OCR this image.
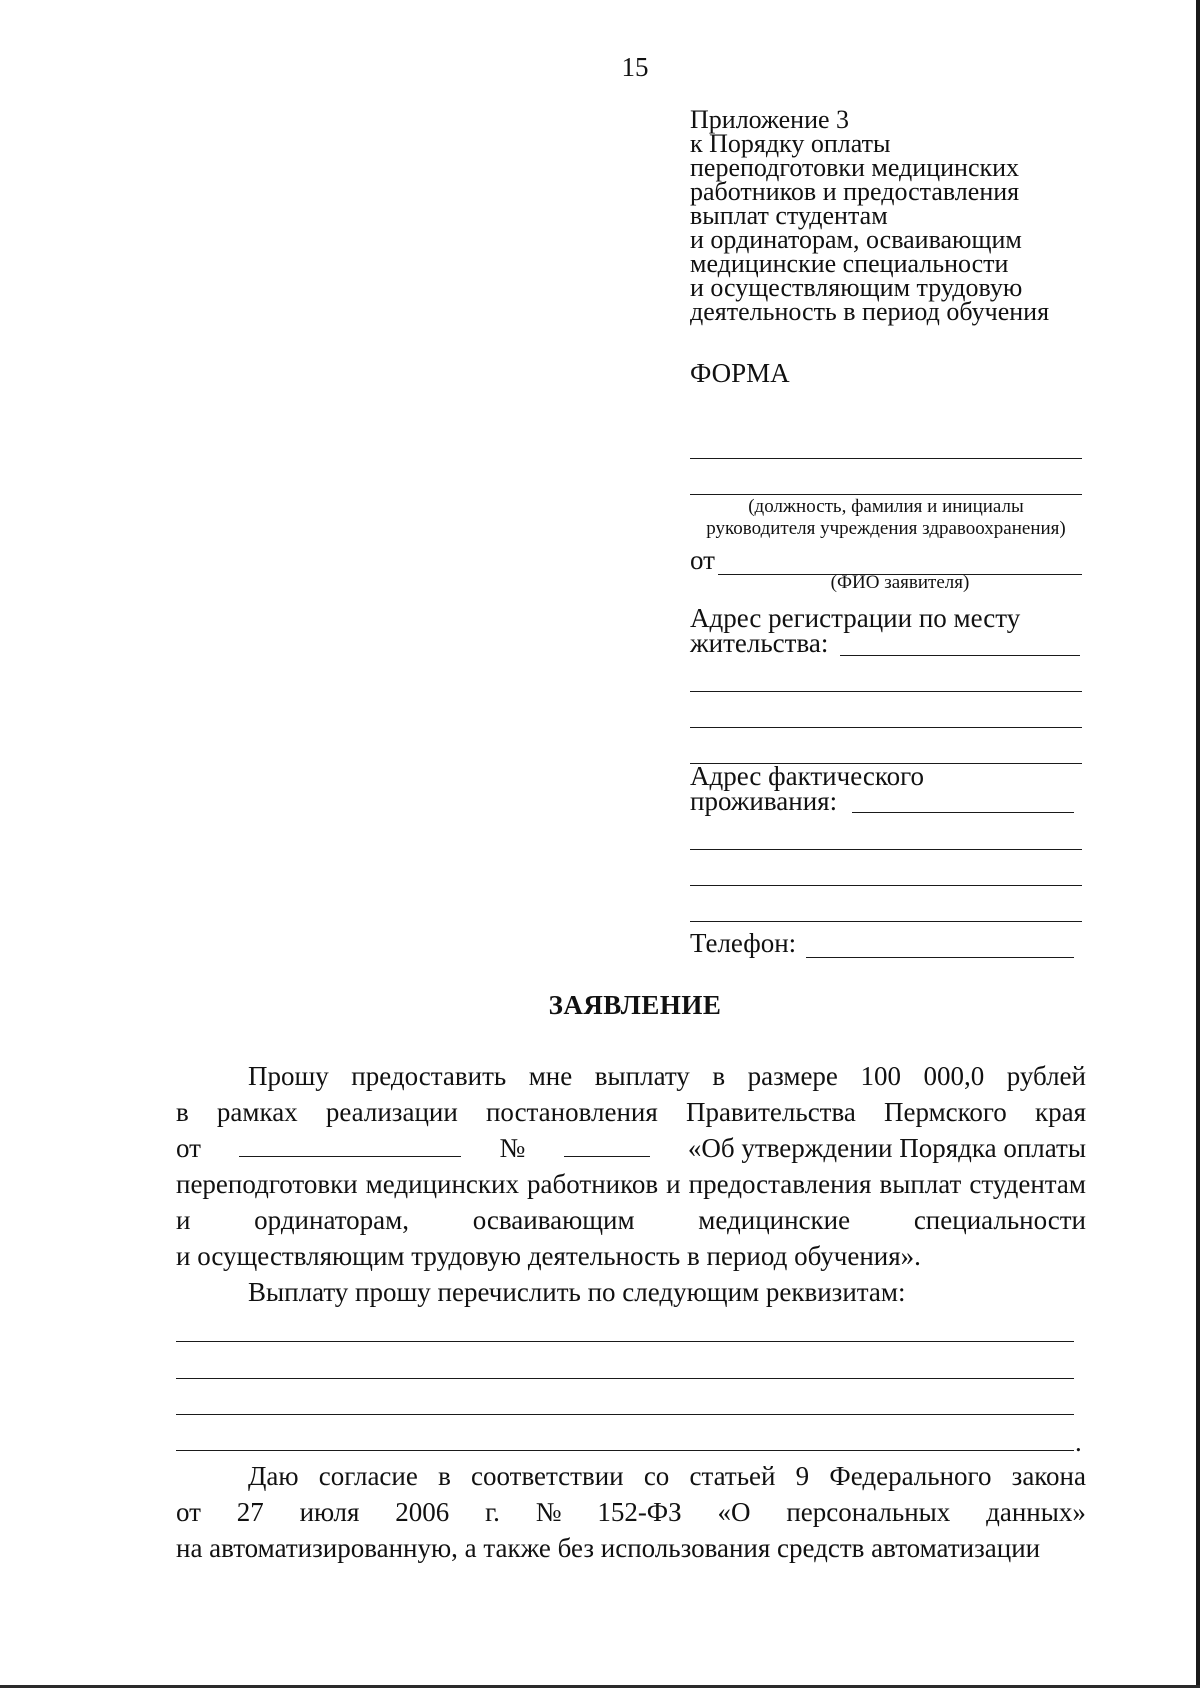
15
Приложение 3
к Порядку оплаты
переподготовки медицинских
работников и предоставления
выплат студентам
и ординаторам, осваивающим
медицинские специальности
и осуществляющим трудовую
деятельность в период обучения
ФОРМА
(должность, фамилия и инициалы
руководителя учреждения здравоохранения)
от
(ФИО заявителя)
Адрес регистрации по месту
жительства:
Адрес фактического
проживания:
Телефон:
ЗАЯВЛЕНИЕ
Прошу предоставить мне выплату в размере 100 000,0 рублей
в рамках реализации постановления Правительства Пермского края
от	№	«Об утверждении Порядка оплаты
переподготовки медицинских работников и предоставления выплат студентам и ординаторам, осваивающим медицинские специальности
и осуществляющим трудовую деятельность в период обучения».
Выплату прошу перечислить по следующим реквизитам:
.
Даю согласие в соответствии со статьей 9 Федерального закона
от 27 июля 2006 г. № 152-ФЗ «О персональных данных»
на автоматизированную, а также без использования средств автоматизации
